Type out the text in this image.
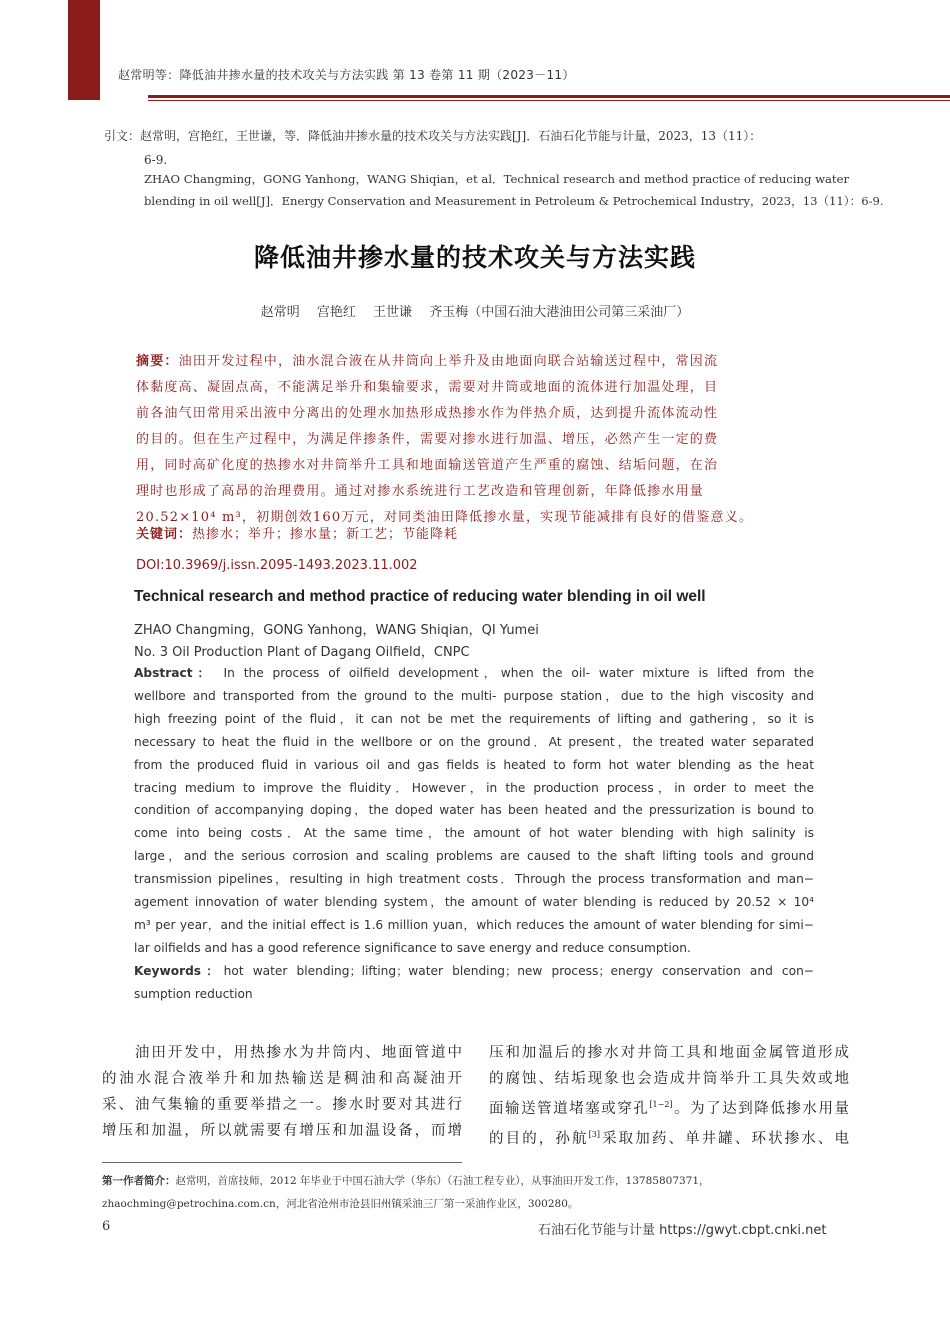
赵常明等：降低油井掺水量的技术攻关与方法实践 第 13 卷第 11 期（2023－11）
引文：赵常明，宫艳红，王世谦，等．降低油井掺水量的技术攻关与方法实践[J]．石油石化节能与计量，2023，13（11）：
6-9.
ZHAO Changming，GONG Yanhong，WANG Shiqian，et al．Technical research and method practice of reducing water
blending in oil well[J]．Energy Conservation and Measurement in Petroleum & Petrochemical Industry，2023，13（11）：6-9.
降低油井掺水量的技术攻关与方法实践
赵常明　 宫艳红　 王世谦　 齐玉梅（中国石油大港油田公司第三采油厂）
摘要：油田开发过程中，油水混合液在从井筒向上举升及由地面向联合站输送过程中，常因流
体黏度高、凝固点高，不能满足举升和集输要求，需要对井筒或地面的流体进行加温处理，目
前各油气田常用采出液中分离出的处理水加热形成热掺水作为伴热介质，达到提升流体流动性
的目的。但在生产过程中，为满足伴掺条件，需要对掺水进行加温、增压，必然产生一定的费
用，同时高矿化度的热掺水对井筒举升工具和地面输送管道产生严重的腐蚀、结垢问题，在治
理时也形成了高昂的治理费用。通过对掺水系统进行工艺改造和管理创新，年降低掺水用量
20.52×10⁴ m³，初期创效160万元，对同类油田降低掺水量，实现节能减排有良好的借鉴意义。
关键词：热掺水；举升；掺水量；新工艺；节能降耗
DOI:10.3969/j.issn.2095-1493.2023.11.002
Technical research and method practice of reducing water blending in oil well
ZHAO Changming，GONG Yanhong，WANG Shiqian，QI Yumei
No. 3 Oil Production Plant of Dagang Oilfield，CNPC
Abstract： In the process of oilfield development，when the oil- water mixture is lifted from the
wellbore and transported from the ground to the multi- purpose station，due to the high viscosity and
high freezing point of the fluid，it can not be met the requirements of lifting and gathering，so it is
necessary to heat the fluid in the wellbore or on the ground．At present，the treated water separated
from the produced fluid in various oil and gas fields is heated to form hot water blending as the heat
tracing medium to improve the fluidity．However，in the production process，in order to meet the
condition of accompanying doping，the doped water has been heated and the pressurization is bound to
come into being costs．At the same time，the amount of hot water blending with high salinity is
large，and the serious corrosion and scaling problems are caused to the shaft lifting tools and ground
transmission pipelines，resulting in high treatment costs．Through the process transformation and man−
agement innovation of water blending system，the amount of water blending is reduced by 20.52 × 10⁴
m³ per year，and the initial effect is 1.6 million yuan，which reduces the amount of water blending for simi−
lar oilfields and has a good reference significance to save energy and reduce consumption.
Keywords：hot water blending；lifting；water blending；new process；energy conservation and con−
sumption reduction
　　油田开发中，用热掺水为井筒内、地面管道中
的油水混合液举升和加热输送是稠油和高凝油开
采、油气集输的重要举措之一。掺水时要对其进行
增压和加温，所以就需要有增压和加温设备，而增
压和加温后的掺水对井筒工具和地面金属管道形成
的腐蚀、结垢现象也会造成井筒举升工具失效或地
面输送管道堵塞或穿孔[1−2]。为了达到降低掺水用量
的目的，孙航[3]采取加药、单井罐、环状掺水、电
第一作者简介：赵常明，首席技师，2012 年毕业于中国石油大学（华东）（石油工程专业），从事油田开发工作，13785807371，
zhaochming@petrochina.com.cn，河北省沧州市沧县旧州镇采油三厂第一采油作业区，300280。
6	石油石化节能与计量 https://gwyt.cbpt.cnki.net
